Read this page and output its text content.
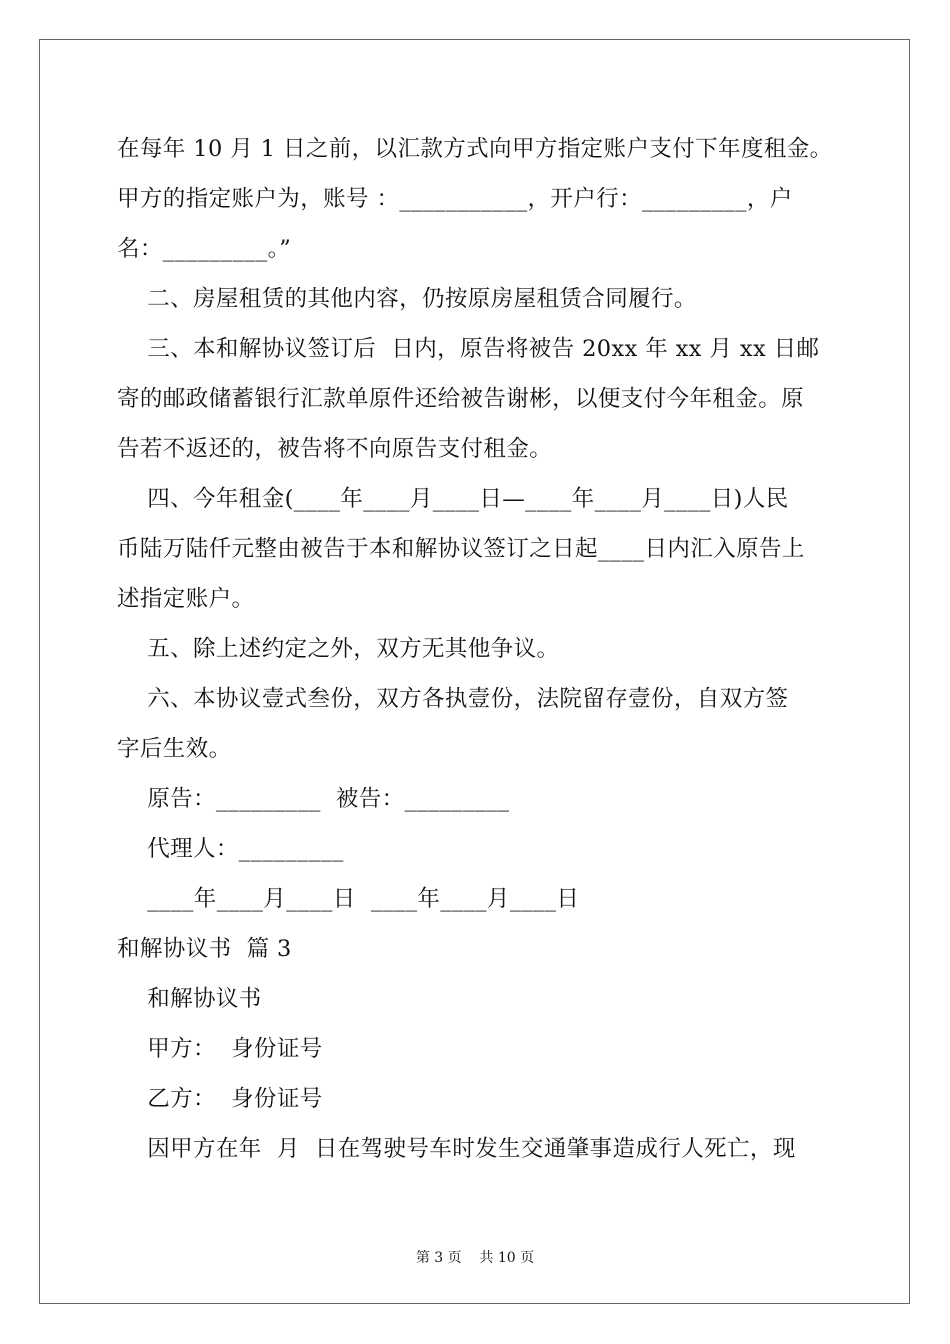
在每年 10 月 1 日之前，以汇款方式向甲方指定账户支付下年度租金。
甲方的指定账户为，账号 ：___________，开户行：_________，户
名：_________。”
二、房屋租赁的其他内容，仍按原房屋租赁合同履行。
三、本和解协议签订后  日内，原告将被告 20xx 年 xx 月 xx 日邮
寄的邮政储蓄银行汇款单原件还给被告谢彬，以便支付今年租金。原
告若不返还的，被告将不向原告支付租金。
四、今年租金(____年____月____日—____年____月____日)人民
币陆万陆仟元整由被告于本和解协议签订之日起____日内汇入原告上
述指定账户。
五、除上述约定之外，双方无其他争议。
六、本协议壹式叁份，双方各执壹份，法院留存壹份，自双方签
字后生效。
原告：_________  被告：_________
代理人：_________
____年____月____日  ____年____月____日
和解协议书  篇 3
和解协议书
甲方：  身份证号
乙方：  身份证号
因甲方在年  月  日在驾驶号车时发生交通肇事造成行人死亡，现
第 3 页    共 10 页
